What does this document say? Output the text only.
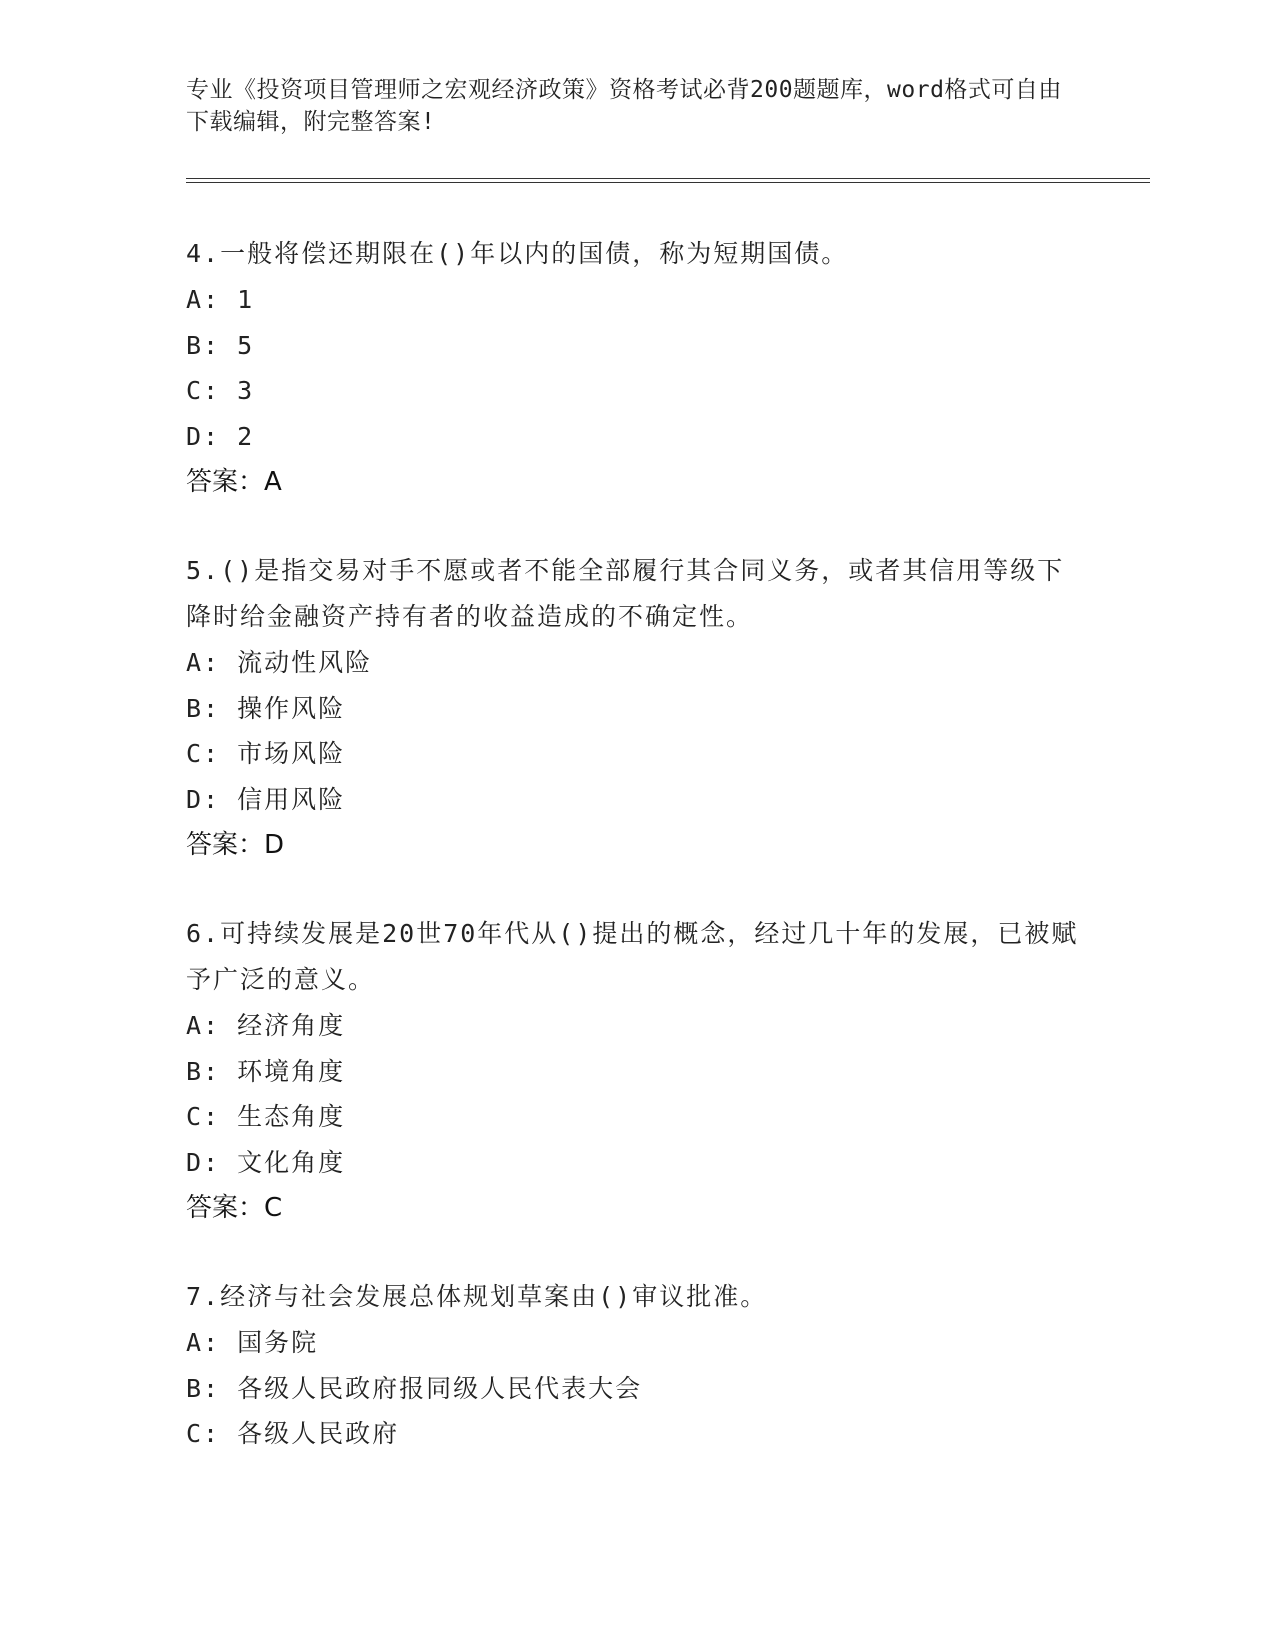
专业《投资项目管理师之宏观经济政策》资格考试必背200题题库，word格式可自由下载编辑，附完整答案!

4.一般将偿还期限在()年以内的国债，称为短期国债。

A: 1
B: 5
C: 3
D: 2
答案：A

5.()是指交易对手不愿或者不能全部履行其合同义务，或者其信用等级下降时给金融资产持有者的收益造成的不确定性。

A: 流动性风险
B: 操作风险
C: 市场风险
D: 信用风险
答案：D

6.可持续发展是20世70年代从()提出的概念，经过几十年的发展，已被赋予广泛的意义。

A: 经济角度
B: 环境角度
C: 生态角度
D: 文化角度
答案：C

7.经济与社会发展总体规划草案由()审议批准。

A: 国务院
B: 各级人民政府报同级人民代表大会
C: 各级人民政府
